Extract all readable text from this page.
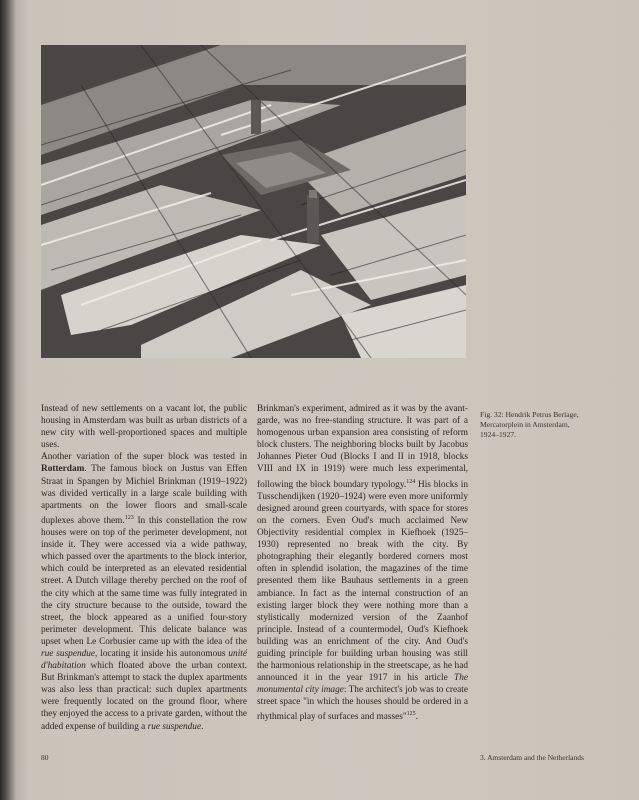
Instead of new settlements on a vacant lot, the public housing in Amsterdam was built as urban districts of a new city with well-proportioned spaces and multiple uses.

Another variation of the super block was tested in Rotterdam. The famous block on Justus van Effen Straat in Spangen by Michiel Brinkman (1919–1922) was divided vertically in a large scale building with apartments on the lower floors and small-scale duplexes above them.$^{123}$ In this constellation the row houses were on top of the perimeter development, not inside it. They were accessed via a wide pathway, which passed over the apartments to the block interior, which could be interpreted as an elevated residential street. A Dutch village thereby perched on the roof of the city which at the same time was fully integrated in the city structure because to the outside, toward the street, the block appeared as a unified four-story perimeter development. This delicate balance was upset when Le Corbusier came up with the idea of the rue suspendue, locating it inside his autonomous unité d'habitation which floated above the urban context. But Brinkman's attempt to stack the duplex apartments was also less than practical: such duplex apartments were frequently located on the ground floor, where they enjoyed the access to a private garden, without the added expense of building a rue suspendue.

Brinkman's experiment, admired as it was by the avant-garde, was no free-standing structure. It was part of a homogenous urban expansion area consisting of reform block clusters. The neighboring blocks built by Jacobus Johannes Pieter Oud (Blocks I and II in 1918, blocks VIII and IX in 1919) were much less experimental, following the block boundary typology.$^{124}$ His blocks in Tusschendijken (1920–1924) were even more uniformly designed around green courtyards, with space for stores on the corners. Even Oud's much acclaimed New Objectivity residential complex in Kiefhoek (1925–1930) represented no break with the city. By photographing their elegantly bordered corners most often in splendid isolation, the magazines of the time presented them like Bauhaus settlements in a green ambiance. In fact as the internal construction of an existing larger block they were nothing more than a stylistically modernized version of the Zaanhof principle. Instead of a countermodel, Oud's Kiefhoek building was an enrichment of the city. And Oud's guiding principle for building urban housing was still the harmonious relationship in the streetscape, as he had announced it in the year 1917 in his article The monumental city image: The architect's job was to create street space "in which the houses should be ordered in a rhythmical play of surfaces and masses"$^{125}$.

Fig. 32: Hendrik Petrus Berlage, Mercatorplein in Amsterdam, 1924–1927.
80	3. Amsterdam and the Netherlands
